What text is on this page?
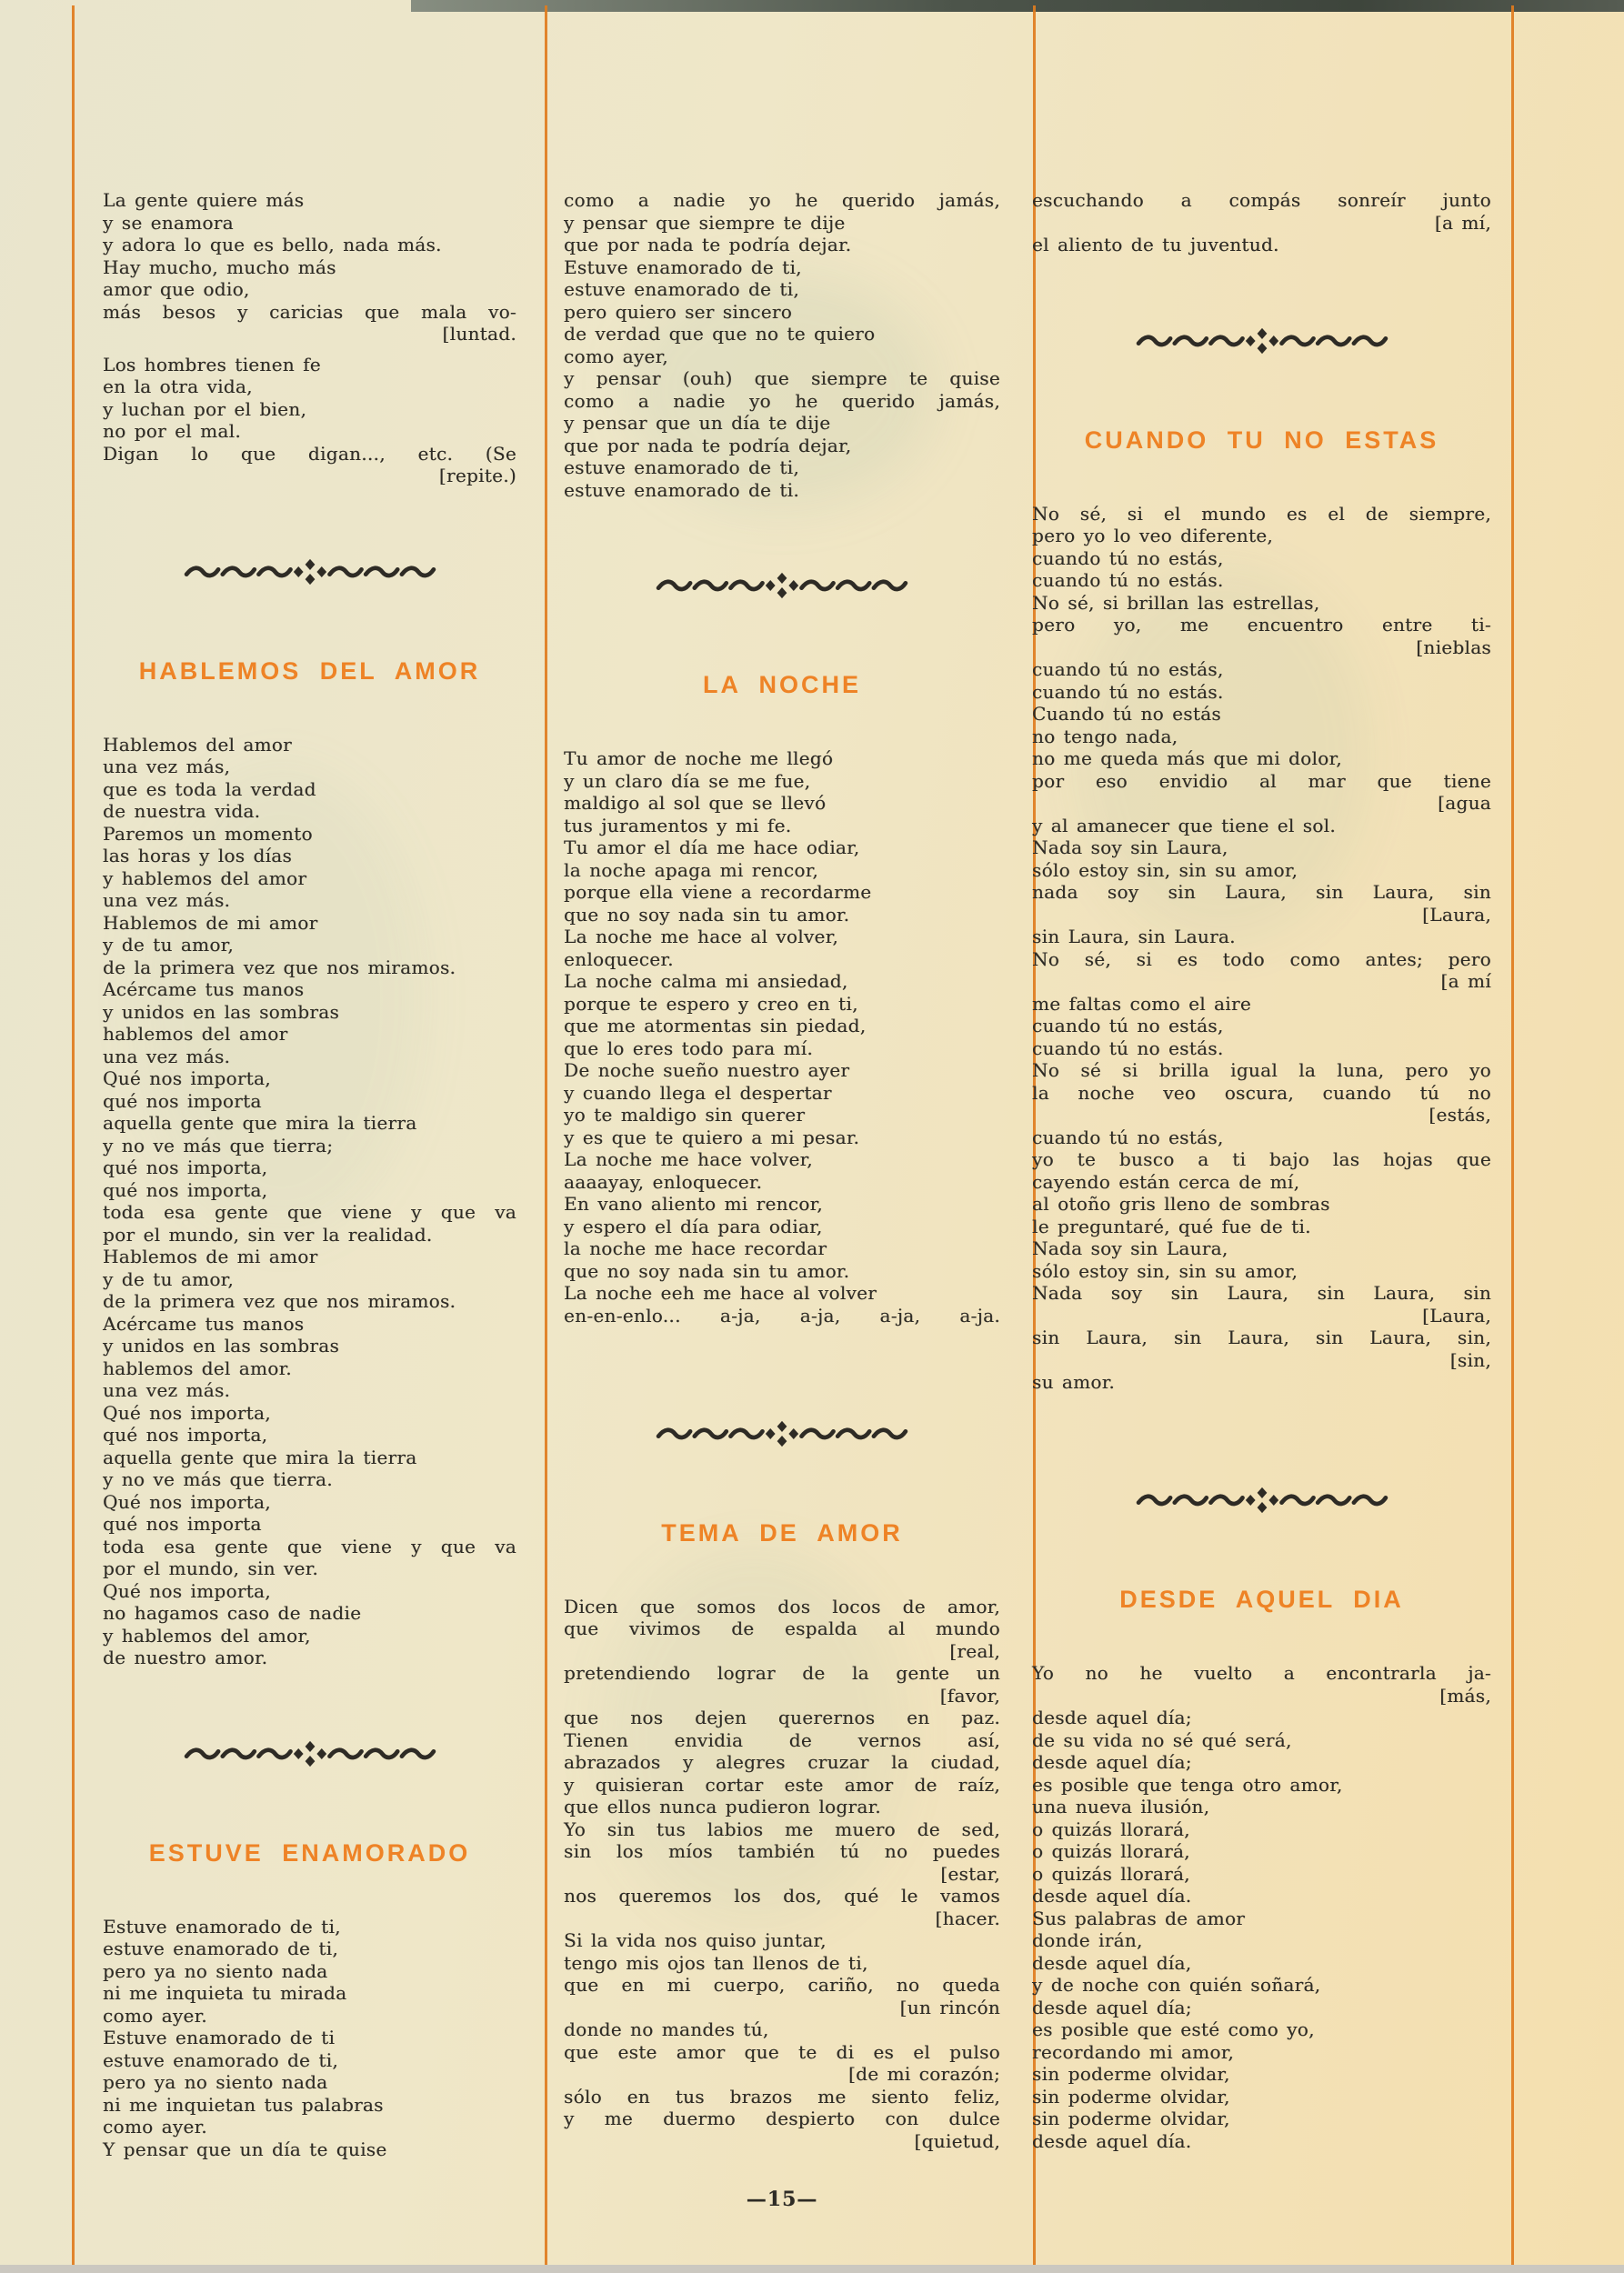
La gente quiere más
y se enamora
y adora lo que es bello, nada más.
Hay mucho, mucho más
amor que odio,
más besos y caricias que mala vo-
[luntad.
Los hombres tienen fe
en la otra vida,
y luchan por el bien,
no por el mal.
Digan lo que digan..., etc. (Se
[repite.)
HABLEMOS DEL AMOR
Hablemos del amor
una vez más,
que es toda la verdad
de nuestra vida.
Paremos un momento
las horas y los días
y hablemos del amor
una vez más.
Hablemos de mi amor
y de tu amor,
de la primera vez que nos miramos.
Acércame tus manos
y unidos en las sombras
hablemos del amor
una vez más.
Qué nos importa,
qué nos importa
aquella gente que mira la tierra
y no ve más que tierra;
qué nos importa,
qué nos importa,
toda esa gente que viene y que va
por el mundo, sin ver la realidad.
Hablemos de mi amor
y de tu amor,
de la primera vez que nos miramos.
Acércame tus manos
y unidos en las sombras
hablemos del amor.
una vez más.
Qué nos importa,
qué nos importa,
aquella gente que mira la tierra
y no ve más que tierra.
Qué nos importa,
qué nos importa
toda esa gente que viene y que va
por el mundo, sin ver.
Qué nos importa,
no hagamos caso de nadie
y hablemos del amor,
de nuestro amor.
ESTUVE ENAMORADO
Estuve enamorado de ti,
estuve enamorado de ti,
pero ya no siento nada
ni me inquieta tu mirada
como ayer.
Estuve enamorado de ti
estuve enamorado de ti,
pero ya no siento nada
ni me inquietan tus palabras
como ayer.
Y pensar que un día te quise
como a nadie yo he querido jamás,
y pensar que siempre te dije
que por nada te podría dejar.
Estuve enamorado de ti,
estuve enamorado de ti,
pero quiero ser sincero
de verdad que que no te quiero
como ayer,
y pensar (ouh) que siempre te quise
como a nadie yo he querido jamás,
y pensar que un día te dije
que por nada te podría dejar,
estuve enamorado de ti,
estuve enamorado de ti.
LA NOCHE
Tu amor de noche me llegó
y un claro día se me fue,
maldigo al sol que se llevó
tus juramentos y mi fe.
Tu amor el día me hace odiar,
la noche apaga mi rencor,
porque ella viene a recordarme
que no soy nada sin tu amor.
La noche me hace al volver,
enloquecer.
La noche calma mi ansiedad,
porque te espero y creo en ti,
que me atormentas sin piedad,
que lo eres todo para mí.
De noche sueño nuestro ayer
y cuando llega el despertar
yo te maldigo sin querer
y es que te quiero a mi pesar.
La noche me hace volver,
aaaayay, enloquecer.
En vano aliento mi rencor,
y espero el día para odiar,
la noche me hace recordar
que no soy nada sin tu amor.
La noche eeh me hace al volver
en-en-enlo... a-ja, a-ja, a-ja, a-ja.

TEMA DE AMOR
Dicen que somos dos locos de amor,
que vivimos de espalda al mundo
[real,
pretendiendo lograr de la gente un
[favor,
que nos dejen querernos en paz.
Tienen envidia de vernos así,
abrazados y alegres cruzar la ciudad,
y quisieran cortar este amor de raíz,
que ellos nunca pudieron lograr.
Yo sin tus labios me muero de sed,
sin los míos también tú no puedes
[estar,
nos queremos los dos, qué le vamos
[hacer.
Si la vida nos quiso juntar,
tengo mis ojos tan llenos de ti,
que en mi cuerpo, cariño, no queda
[un rincón
donde no mandes tú,
que este amor que te di es el pulso
[de mi corazón;
sólo en tus brazos me siento feliz,
y me duermo despierto con dulce
[quietud,
escuchando a compás sonreír junto
[a mí,
el aliento de tu juventud.
CUANDO TU NO ESTAS
No sé, si el mundo es el de siempre,
pero yo lo veo diferente,
cuando tú no estás,
cuando tú no estás.
No sé, si brillan las estrellas,
pero yo, me encuentro entre ti-
[nieblas
cuando tú no estás,
cuando tú no estás.
Cuando tú no estás
no tengo nada,
no me queda más que mi dolor,
por eso envidio al mar que tiene
[agua
y al amanecer que tiene el sol.
Nada soy sin Laura,
sólo estoy sin, sin su amor,
nada soy sin Laura, sin Laura, sin
[Laura,
sin Laura, sin Laura.
No sé, si es todo como antes; pero
[a mí
me faltas como el aire
cuando tú no estás,
cuando tú no estás.
No sé si brilla igual la luna, pero yo
la noche veo oscura, cuando tú no
[estás,
cuando tú no estás,
yo te busco a ti bajo las hojas que
cayendo están cerca de mí,
al otoño gris lleno de sombras
le preguntaré, qué fue de ti.
Nada soy sin Laura,
sólo estoy sin, sin su amor,
Nada soy sin Laura, sin Laura, sin
[Laura,
sin Laura, sin Laura, sin Laura, sin,
[sin,
su amor.

DESDE AQUEL DIA
Yo no he vuelto a encontrarla ja-
[más,
desde aquel día;
de su vida no sé qué será,
desde aquel día;
es posible que tenga otro amor,
una nueva ilusión,
o quizás llorará,
o quizás llorará,
o quizás llorará,
desde aquel día.
Sus palabras de amor
donde irán,
desde aquel día,
y de noche con quién soñará,
desde aquel día;
es posible que esté como yo,
recordando mi amor,
sin poderme olvidar,
sin poderme olvidar,
sin poderme olvidar,
desde aquel día.
—15—
